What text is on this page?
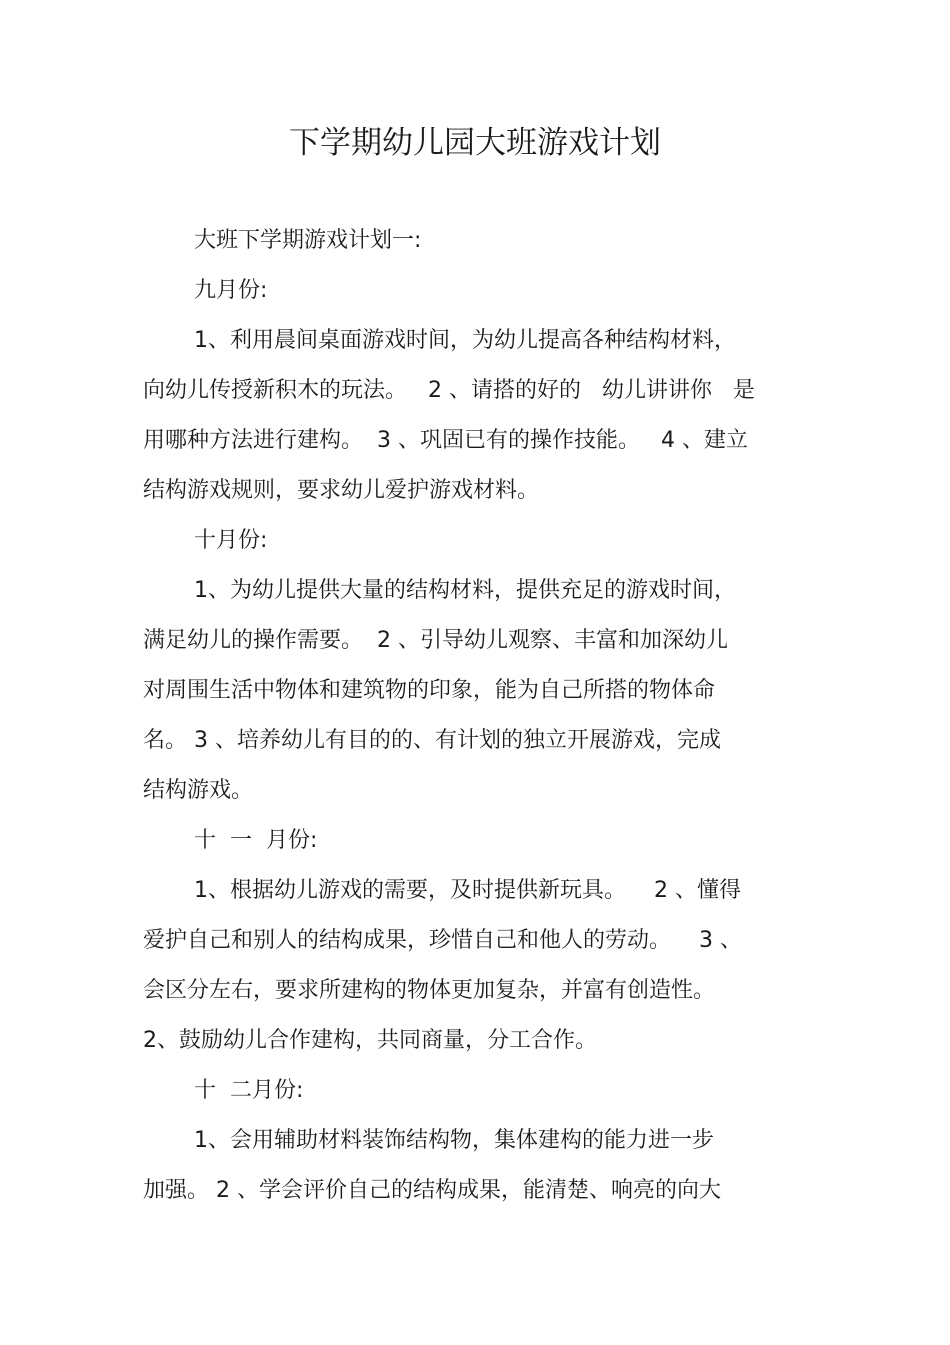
下学期幼儿园大班游戏计划
大班下学期游戏计划一:
九月份:
1、利用晨间桌面游戏时间，为幼儿提高各种结构材料，
向幼儿传授新积木的玩法。   2 、请搭的好的   幼儿讲讲你   是
用哪种方法进行建构。  3 、巩固已有的操作技能。   4 、建立
结构游戏规则，要求幼儿爱护游戏材料。
十月份:
1、为幼儿提供大量的结构材料，提供充足的游戏时间，
满足幼儿的操作需要。  2 、引导幼儿观察、丰富和加深幼儿
对周围生活中物体和建筑物的印象，能为自己所搭的物体命
名。 3 、培养幼儿有目的的、有计划的独立开展游戏，完成
结构游戏。
十  一  月份:
1、根据幼儿游戏的需要，及时提供新玩具。    2 、懂得
爱护自己和别人的结构成果，珍惜自己和他人的劳动。    3 、
会区分左右，要求所建构的物体更加复杂，并富有创造性。
2、鼓励幼儿合作建构，共同商量，分工合作。
十  二月份:
1、会用辅助材料装饰结构物，集体建构的能力进一步
加强。 2 、学会评价自己的结构成果，能清楚、响亮的向大
